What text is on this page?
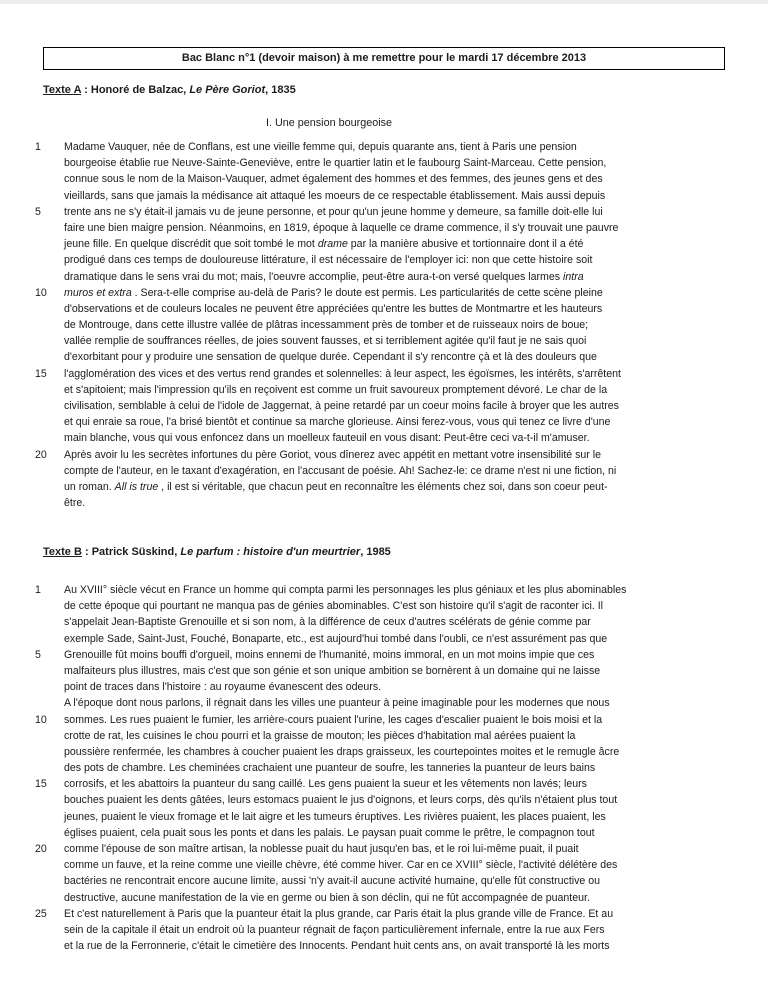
Bac Blanc n°1 (devoir maison) à me remettre pour le mardi 17 décembre 2013
Texte A : Honoré de Balzac, Le Père Goriot, 1835
I. Une pension bourgeoise
1	Madame Vauquer, née de Conflans, est une vieille femme qui, depuis quarante ans, tient à Paris une pension
bourgeoise établie rue Neuve-Sainte-Geneviève, entre le quartier latin et le faubourg Saint-Marceau. Cette pension,
connue sous le nom de la Maison-Vauquer, admet également des hommes et des femmes, des jeunes gens et des
vieillards, sans que jamais la médisance ait attaqué les moeurs de ce respectable établissement. Mais aussi depuis
5	trente ans ne s'y était-il jamais vu de jeune personne, et pour qu'un jeune homme y demeure, sa famille doit-elle lui
faire une bien maigre pension. Néanmoins, en 1819, époque à laquelle ce drame commence, il s'y trouvait une pauvre
jeune fille. En quelque discrédit que soit tombé le mot drame par la manière abusive et tortionnaire dont il a été
prodigué dans ces temps de douloureuse littérature, il est nécessaire de l'employer ici: non que cette histoire soit
dramatique dans le sens vrai du mot; mais, l'oeuvre accomplie, peut-être aura-t-on versé quelques larmes intra
10	muros et extra . Sera-t-elle comprise au-delà de Paris? le doute est permis. Les particularités de cette scène pleine
d'observations et de couleurs locales ne peuvent être appréciées qu'entre les buttes de Montmartre et les hauteurs
de Montrouge, dans cette illustre vallée de plâtras incessamment près de tomber et de ruisseaux noirs de boue;
vallée remplie de souffrances réelles, de joies souvent fausses, et si terriblement agitée qu'il faut je ne sais quoi
d'exorbitant pour y produire une sensation de quelque durée. Cependant il s'y rencontre çà et là des douleurs que
15	l'agglomération des vices et des vertus rend grandes et solennelles: à leur aspect, les égoïsmes, les intérêts, s'arrêtent
et s'apitoient; mais l'impression qu'ils en reçoivent est comme un fruit savoureux promptement dévoré. Le char de la
civilisation, semblable à celui de l'idole de Jaggernat, à peine retardé par un coeur moins facile à broyer que les autres
et qui enraie sa roue, l'a brisé bientôt et continue sa marche glorieuse. Ainsi ferez-vous, vous qui tenez ce livre d'une
main blanche, vous qui vous enfoncez dans un moelleux fauteuil en vous disant: Peut-être ceci va-t-il m'amuser.
20	Après avoir lu les secrètes infortunes du père Goriot, vous dînerez avec appétit en mettant votre insensibilité sur le
compte de l'auteur, en le taxant d'exagération, en l'accusant de poésie. Ah! Sachez-le: ce drame n'est ni une fiction, ni
un roman. All is true , il est si véritable, que chacun peut en reconnaître les éléments chez soi, dans son coeur peut-
être.
Texte B : Patrick Süskind, Le parfum : histoire d'un meurtrier, 1985
1	Au XVIII° siècle vécut en France un homme qui compta parmi les personnages les plus géniaux et les plus abominables
de cette époque qui pourtant ne manqua pas de génies abominables. C'est son histoire qu'il s'agit de raconter ici. Il
s'appelait Jean-Baptiste Grenouille et si son nom, à la différence de ceux d'autres scélérats de génie comme par
exemple Sade, Saint-Just, Fouché, Bonaparte, etc., est aujourd'hui tombé dans l'oubli, ce n'est assurément pas que
5	Grenouille fût moins bouffi d'orgueil, moins ennemi de l'humanité, moins immoral, en un mot moins impie que ces
malfaiteurs plus illustres, mais c'est que son génie et son unique ambition se bornèrent à un domaine qui ne laisse
point de traces dans l'histoire : au royaume évanescent des odeurs.
A l'époque dont nous parlons, il régnait dans les villes une puanteur à peine imaginable pour les modernes que nous
10	sommes. Les rues puaient le fumier, les arrière-cours puaient l'urine, les cages d'escalier puaient le bois moisi et la
crotte de rat, les cuisines le chou pourri et la graisse de mouton; les pièces d'habitation mal aérées puaient la
poussière renfermée, les chambres à coucher puaient les draps graisseux, les courtepointes moites et le remugle âcre
des pots de chambre. Les cheminées crachaient une puanteur de soufre, les tanneries la puanteur de leurs bains
15	corrosifs, et les abattoirs la puanteur du sang caillé. Les gens puaient la sueur et les vêtements non lavés; leurs
bouches puaient les dents gâtées, leurs estomacs puaient le jus d'oignons, et leurs corps, dès qu'ils n'étaient plus tout
jeunes, puaient le vieux fromage et le lait aigre et les tumeurs éruptives. Les rivières puaient, les places puaient, les
églises puaient, cela puait sous les ponts et dans les palais. Le paysan puait comme le prêtre, le compagnon tout
20	comme l'épouse de son maître artisan, la noblesse puait du haut jusqu'en bas, et le roi lui-même puait, il puait
comme un fauve, et la reine comme une vieille chèvre, été comme hiver. Car en ce XVIII° siècle, l'activité délétère des
bactéries ne rencontrait encore aucune limite, aussi 'n'y avait-il aucune activité humaine, qu'elle fût constructive ou
destructive, aucune manifestation de la vie en germe ou bien à son déclin, qui ne fût accompagnée de puanteur.
25	Et c'est naturellement à Paris que la puanteur était la plus grande, car Paris était la plus grande ville de France. Et au
sein de la capitale il était un endroit où la puanteur régnait de façon particulièrement infernale, entre la rue aux Fers
et la rue de la Ferronnerie, c'était le cimetière des Innocents. Pendant huit cents ans, on avait transporté là les morts
